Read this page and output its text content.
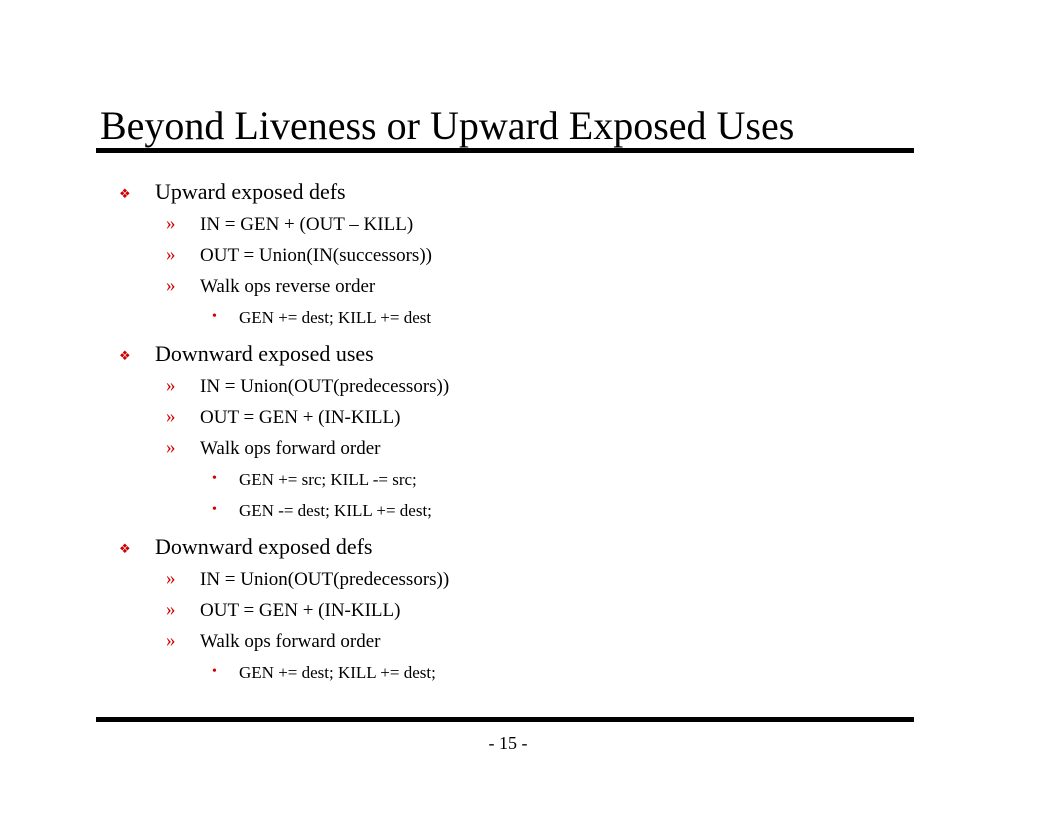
Beyond Liveness or Upward Exposed Uses
❖ Upward exposed defs
» IN = GEN + (OUT – KILL)
» OUT = Union(IN(successors))
» Walk ops reverse order
• GEN += dest; KILL += dest
❖ Downward exposed uses
» IN = Union(OUT(predecessors))
» OUT = GEN + (IN-KILL)
» Walk ops forward order
• GEN += src; KILL -= src;
• GEN -= dest; KILL += dest;
❖ Downward exposed defs
» IN = Union(OUT(predecessors))
» OUT = GEN + (IN-KILL)
» Walk ops forward order
• GEN += dest; KILL += dest;
- 15 -
